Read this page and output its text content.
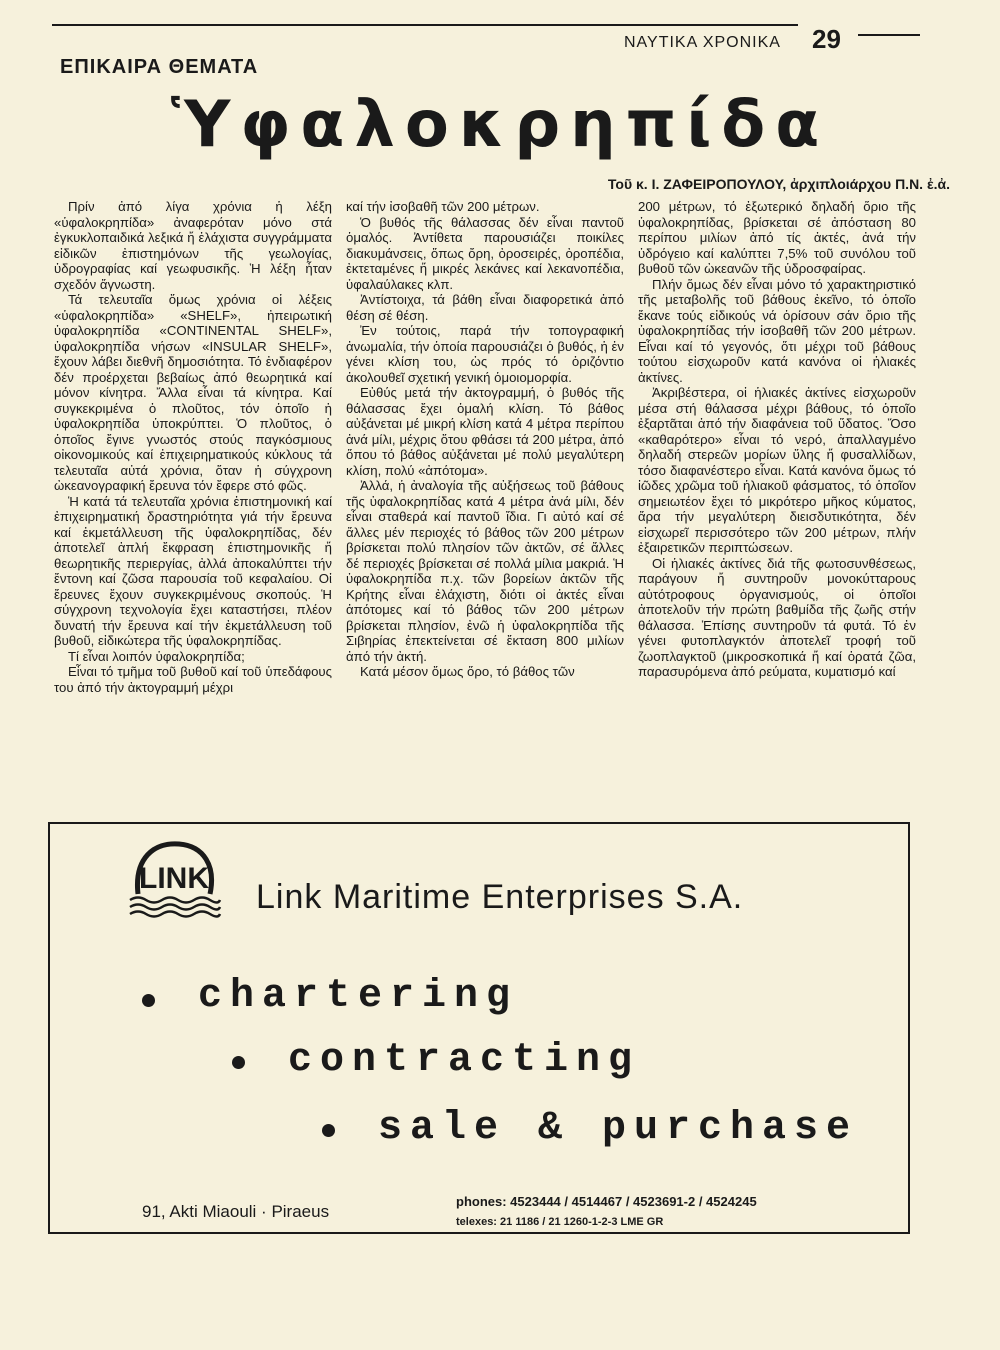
ΝΑΥΤΙΚΑ ΧΡΟΝΙΚΑ 29
ΕΠΙΚΑΙΡΑ ΘΕΜΑΤΑ
Ὑφαλοκρηπίδα
Τοῦ κ. Ι. ΖΑΦΕΙΡΟΠΟΥΛΟΥ, ἀρχιπλοιάρχου Π.Ν. ἐ.ἀ.

Πρίν ἀπό λίγα χρόνια ἡ λέξη «ὑφαλοκρηπίδα» ἀναφερόταν μόνο στά ἐγκυκλοπαιδικά λεξικά ἤ ἐλάχιστα συγγράμματα εἰδικῶν ἐπιστημόνων τῆς γεωλογίας, ὑδρογραφίας καί γεωφυσικῆς. Ἡ λέξη ἦταν σχεδόν ἄγνωστη.

Τά τελευταῖα ὅμως χρόνια οἱ λέξεις «ὑφαλοκρηπίδα» «SHELF», ἠπειρωτική ὑφαλοκρηπίδα «CONTINENTAL SHELF», ὑφαλοκρηπίδα νήσων «INSULAR SHELF», ἔχουν λάβει διεθνῆ δημοσιότητα. Τό ἐνδιαφέρον δέν προέρχεται βεβαίως ἀπό θεωρητικά καί μόνον κίνητρα. Ἄλλα εἶναι τά κίνητρα. Καί συγκεκριμένα ὁ πλοῦτος, τόν ὁποῖο ἡ ὑφαλοκρηπίδα ὑποκρύπτει. Ὁ πλοῦτος, ὁ ὁποῖος ἔγινε γνωστός στούς παγκόσμιους οἰκονομικούς καί ἐπιχειρηματικούς κύκλους τά τελευταῖα αὐτά χρόνια, ὅταν ἡ σύγχρονη ὠκεανογραφική ἔρευνα τόν ἔφερε στό φῶς.

Ἡ κατά τά τελευταῖα χρόνια ἐπιστημονική καί ἐπιχειρηματική δραστηριότητα γιά τήν ἔρευνα καί ἐκμετάλλευση τῆς ὑφαλοκρηπίδας, δέν ἀποτελεῖ ἁπλή ἔκφραση ἐπιστημονικῆς ἤ θεωρητικῆς περιεργίας, ἀλλά ἀποκαλύπτει τήν ἔντονη καί ζῶσα παρουσία τοῦ κεφαλαίου. Οἱ ἔρευνες ἔχουν συγκεκριμένους σκοπούς. Ἡ σύγχρονη τεχνολογία ἔχει καταστήσει, πλέον δυνατή τήν ἔρευνα καί τήν ἐκμετάλλευση τοῦ βυθοῦ, εἰδικώτερα τῆς ὑφαλοκρηπίδας.

Τί εἶναι λοιπόν ὑφαλοκρηπίδα;

Εἶναι τό τμῆμα τοῦ βυθοῦ καί τοῦ ὑπεδάφους του ἀπό τήν ἀκτογραμμή μέχρι

καί τήν ἰσοβαθῆ τῶν 200 μέτρων.

Ὁ βυθός τῆς θάλασσας δέν εἶναι παντοῦ ὁμαλός. Ἀντίθετα παρουσιάζει ποικίλες διακυμάνσεις, ὅπως ὄρη, ὀροσειρές, ὀροπέδια, ἐκτεταμένες ἤ μικρές λεκάνες καί λεκανοπέδια, ὑφαλαύλακες κλπ.

Ἀντίστοιχα, τά βάθη εἶναι διαφορετικά ἀπό θέση σέ θέση.

Ἐν τούτοις, παρά τήν τοπογραφική ἀνωμαλία, τήν ὁποία παρουσιάζει ὁ βυθός, ἡ ἐν γένει κλίση του, ὡς πρός τό ὁριζόντιο ἀκολουθεῖ σχετική γενική ὁμοιομορφία.

Εὐθύς μετά τήν ἀκτογραμμή, ὁ βυθός τῆς θάλασσας ἔχει ὁμαλή κλίση. Τό βάθος αὐξάνεται μέ μικρή κλίση κατά 4 μέτρα περίπου ἀνά μίλι, μέχρις ὅτου φθάσει τά 200 μέτρα, ἀπό ὅπου τό βάθος αὐξάνεται μέ πολύ μεγαλύτερη κλίση, πολύ «ἀπότομα».

Ἀλλά, ἡ ἀναλογία τῆς αὐξήσεως τοῦ βάθους τῆς ὑφαλοκρηπίδας κατά 4 μέτρα ἀνά μίλι, δέν εἶναι σταθερά καί παντοῦ ἴδια. Γι αὐτό καί σέ ἄλλες μέν περιοχές τό βάθος τῶν 200 μέτρων βρίσκεται πολύ πλησίον τῶν ἀκτῶν, σέ ἄλλες δέ περιοχές βρίσκεται σέ πολλά μίλια μακριά. Ἡ ὑφαλοκρηπίδα π.χ. τῶν βορείων ἀκτῶν τῆς Κρήτης εἶναι ἐλάχιστη, διότι οἱ ἀκτές εἶναι ἀπότομες καί τό βάθος τῶν 200 μέτρων βρίσκεται πλησίον, ἐνῶ ἡ ὑφαλοκρηπίδα τῆς Σιβηρίας ἐπεκτείνεται σέ ἔκταση 800 μιλίων ἀπό τήν ἀκτή.

Κατά μέσον ὅμως ὅρο, τό βάθος τῶν

200 μέτρων, τό ἐξωτερικό δηλαδή ὅριο τῆς ὑφαλοκρηπίδας, βρίσκεται σέ ἀπόσταση 80 περίπου μιλίων ἀπό τίς ἀκτές, ἀνά τήν ὑδρόγειο καί καλύπτει 7,5% τοῦ συνόλου τοῦ βυθοῦ τῶν ὠκεανῶν τῆς ὑδροσφαίρας.

Πλήν ὅμως δέν εἶναι μόνο τό χαρακτηριστικό τῆς μεταβολῆς τοῦ βάθους ἐκεῖνο, τό ὁποῖο ἔκανε τούς εἰδικούς νά ὁρίσουν σάν ὅριο τῆς ὑφαλοκρηπίδας τήν ἰσοβαθῆ τῶν 200 μέτρων. Εἶναι καί τό γεγονός, ὅτι μέχρι τοῦ βάθους τούτου εἰσχωροῦν κατά κανόνα οἱ ἡλιακές ἀκτίνες.

Ἀκριβέστερα, οἱ ἡλιακές ἀκτίνες εἰσχωροῦν μέσα στή θάλασσα μέχρι βάθους, τό ὁποῖο ἐξαρτᾶται ἀπό τήν διαφάνεια τοῦ ὕδατος. Ὅσο «καθαρότερο» εἶναι τό νερό, ἀπαλλαγμένο δηλαδή στερεῶν μορίων ὕλης ἤ φυσαλλίδων, τόσο διαφανέστερο εἶναι. Κατά κανόνα ὅμως τό ἰῶδες χρῶμα τοῦ ἡλιακοῦ φάσματος, τό ὁποῖον σημειωτέον ἔχει τό μικρότερο μῆκος κύματος, ἄρα τήν μεγαλύτερη διεισδυτικότητα, δέν εἰσχωρεῖ περισσότερο τῶν 200 μέτρων, πλήν ἐξαιρετικῶν περιπτώσεων.

Οἱ ἡλιακές ἀκτίνες διά τῆς φωτοσυνθέσεως, παράγουν ἤ συντηροῦν μονοκύτταρους αὐτότροφους ὀργανισμούς, οἱ ὁποῖοι ἀποτελοῦν τήν πρώτη βαθμίδα τῆς ζωῆς στήν θάλασσα. Ἐπίσης συντηροῦν τά φυτά. Τό ἐν γένει φυτοπλαγκτόν ἀποτελεῖ τροφή τοῦ ζωοπλαγκτοῦ (μικροσκοπικά ἤ καί ὁρατά ζῶα, παρασυρόμενα ἀπό ρεύματα, κυματισμό καί

LINK Link Maritime Enterprises S.A.
chartering
contracting
sale & purchase
91, Akti Miaouli · Piraeus
phones: 4523444 / 4514467 / 4523691-2 / 4524245
telexes: 21 1186 / 21 1260-1-2-3 LME GR
